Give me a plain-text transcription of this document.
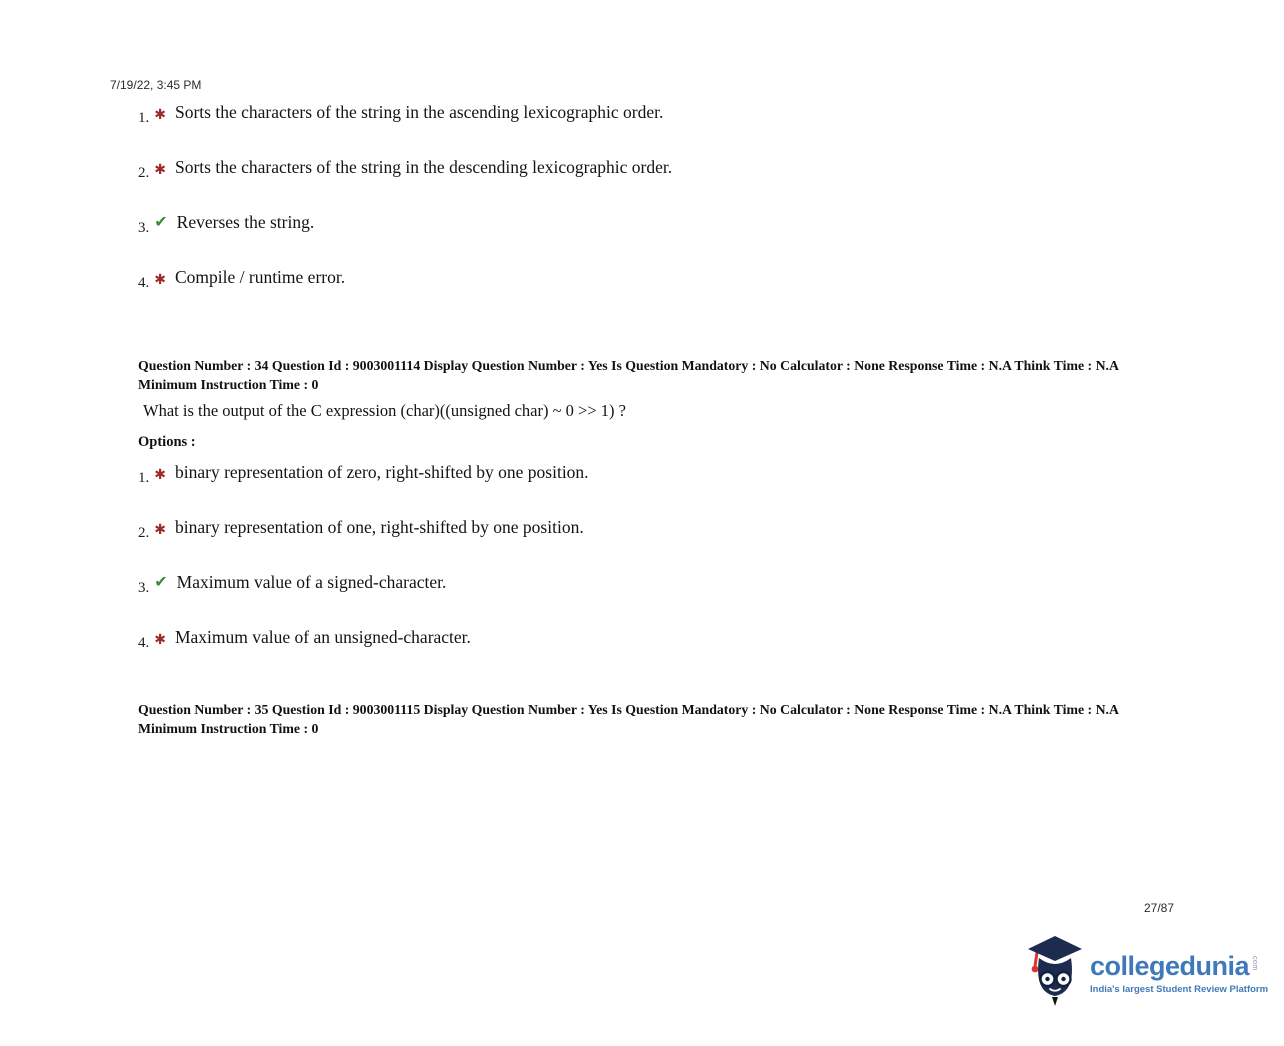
7/19/22, 3:45 PM
1. ✱ Sorts the characters of the string in the ascending lexicographic order.
2. ✱ Sorts the characters of the string in the descending lexicographic order.
3. ✔ Reverses the string.
4. ✱ Compile / runtime error.
Question Number : 34 Question Id : 9003001114 Display Question Number : Yes Is Question Mandatory : No Calculator : None Response Time : N.A Think Time : N.A Minimum Instruction Time : 0
What is the output of the C expression (char)((unsigned char) ~ 0 >> 1) ?
Options :
1. ✱ binary representation of zero, right-shifted by one position.
2. ✱ binary representation of one, right-shifted by one position.
3. ✔ Maximum value of a signed-character.
4. ✱ Maximum value of an unsigned-character.
Question Number : 35 Question Id : 9003001115 Display Question Number : Yes Is Question Mandatory : No Calculator : None Response Time : N.A Think Time : N.A Minimum Instruction Time : 0
27/87
collegedunia com
India's largest Student Review Platform
